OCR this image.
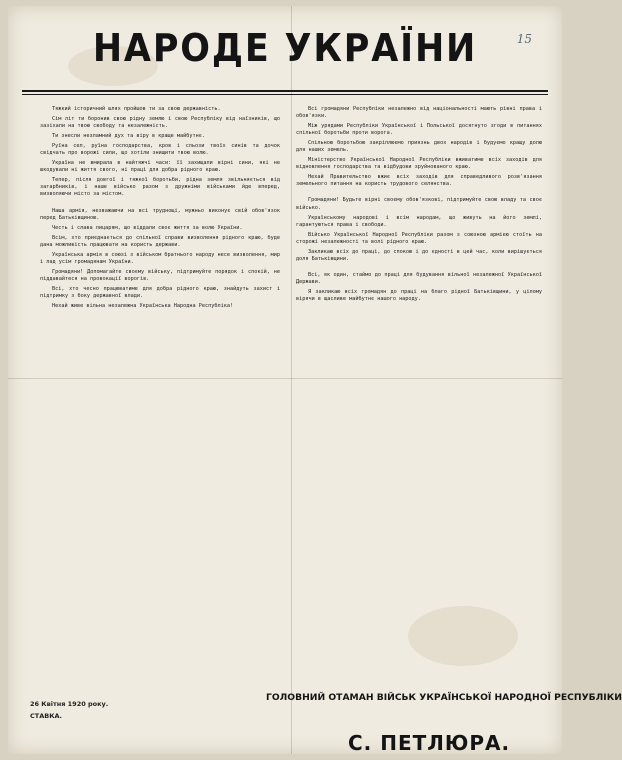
НАРОДЕ УКРАЇНИ	15

Тяжкий історичний шлях пройшов ти за свою державність.

Сім літ ти боронив свою рідну землю і свою Республіку від наїзників, що зазіхали на твою свободу та незалежність.

Ти знесли незламний дух та віру в краще майбутнє.

Руїна сел, руїна господарства, кров і сльози твоїх синів та дочок свідчать про ворожі сили, що хотіли знищити твою волю.

Україна не вмирала в найтяжчі часи: її захищали вірні сини, які не шкодували ні життя свого, ні праці для добра рідного краю.

Тепер, після довгої і тяжкої боротьби, рідна земля звільняється від загарбників, і наше військо разом з дружніми військами йде вперед, визволяючи місто за містом.

Наша армія, незважаючи на всі труднощі, мужньо виконує свій обов'язок перед Батьківщиною.

Честь і слава лицарям, що віддали своє життя за волю України.

Всім, хто приєднається до спільної справи визволення рідного краю, буде дана можливість працювати на користь держави.

Українська армія в союзі з військом братнього народу несе визволення, мир і лад усім громадянам України.

Громадяни! Допомагайте своєму війську, підтримуйте порядок і спокій, не піддавайтеся на провокації ворогів.

Всі, хто чесно працюватиме для добра рідного краю, знайдуть захист і підтримку з боку державної влади.

Нехай живе вільна незалежна Українська Народна Республіка!

Всі громадяни Республіки незалежно від національності мають рівні права і обов'язки.

Між урядами Республіки Української і Польської досягнуто згоди в питаннях спільної боротьби проти ворога.

Спільною боротьбою закріплюємо приязнь двох народів і будуємо кращу долю для наших земель.

Міністерство Української Народної Республіки вживатиме всіх заходів для відновлення господарства та відбудови зруйнованого краю.

Нехай Правительство вжиє всіх заходів для справедливого розв'язання земельного питання на користь трудового селянства.

Громадяни! Будьте вірні своєму обов'язкові, підтримуйте свою владу та своє військо.

Українському народові і всім народам, що живуть на його землі, гарантуються права і свободи.

Військо Української Народної Республіки разом з союзною армією стоїть на сторожі незалежності та волі рідного краю.

Закликаю всіх до праці, до спокою і до єдності в цей час, коли вирішується доля Батьківщини.

Всі, як один, стаймо до праці для будування вільної незалежної Української Держави.

Я закликаю всіх громадян до праці на благо рідної Батьківщини, у цілому вірячи в щасливе майбутнє нашого народу.

26 Квітня 1920 року.
СТАВКА.
ГОЛОВНИЙ ОТАМАН ВІЙСЬК УКРАЇНСЬКОЇ НАРОДНОЇ РЕСПУБЛІКИ
С. ПЕТЛЮРА.
